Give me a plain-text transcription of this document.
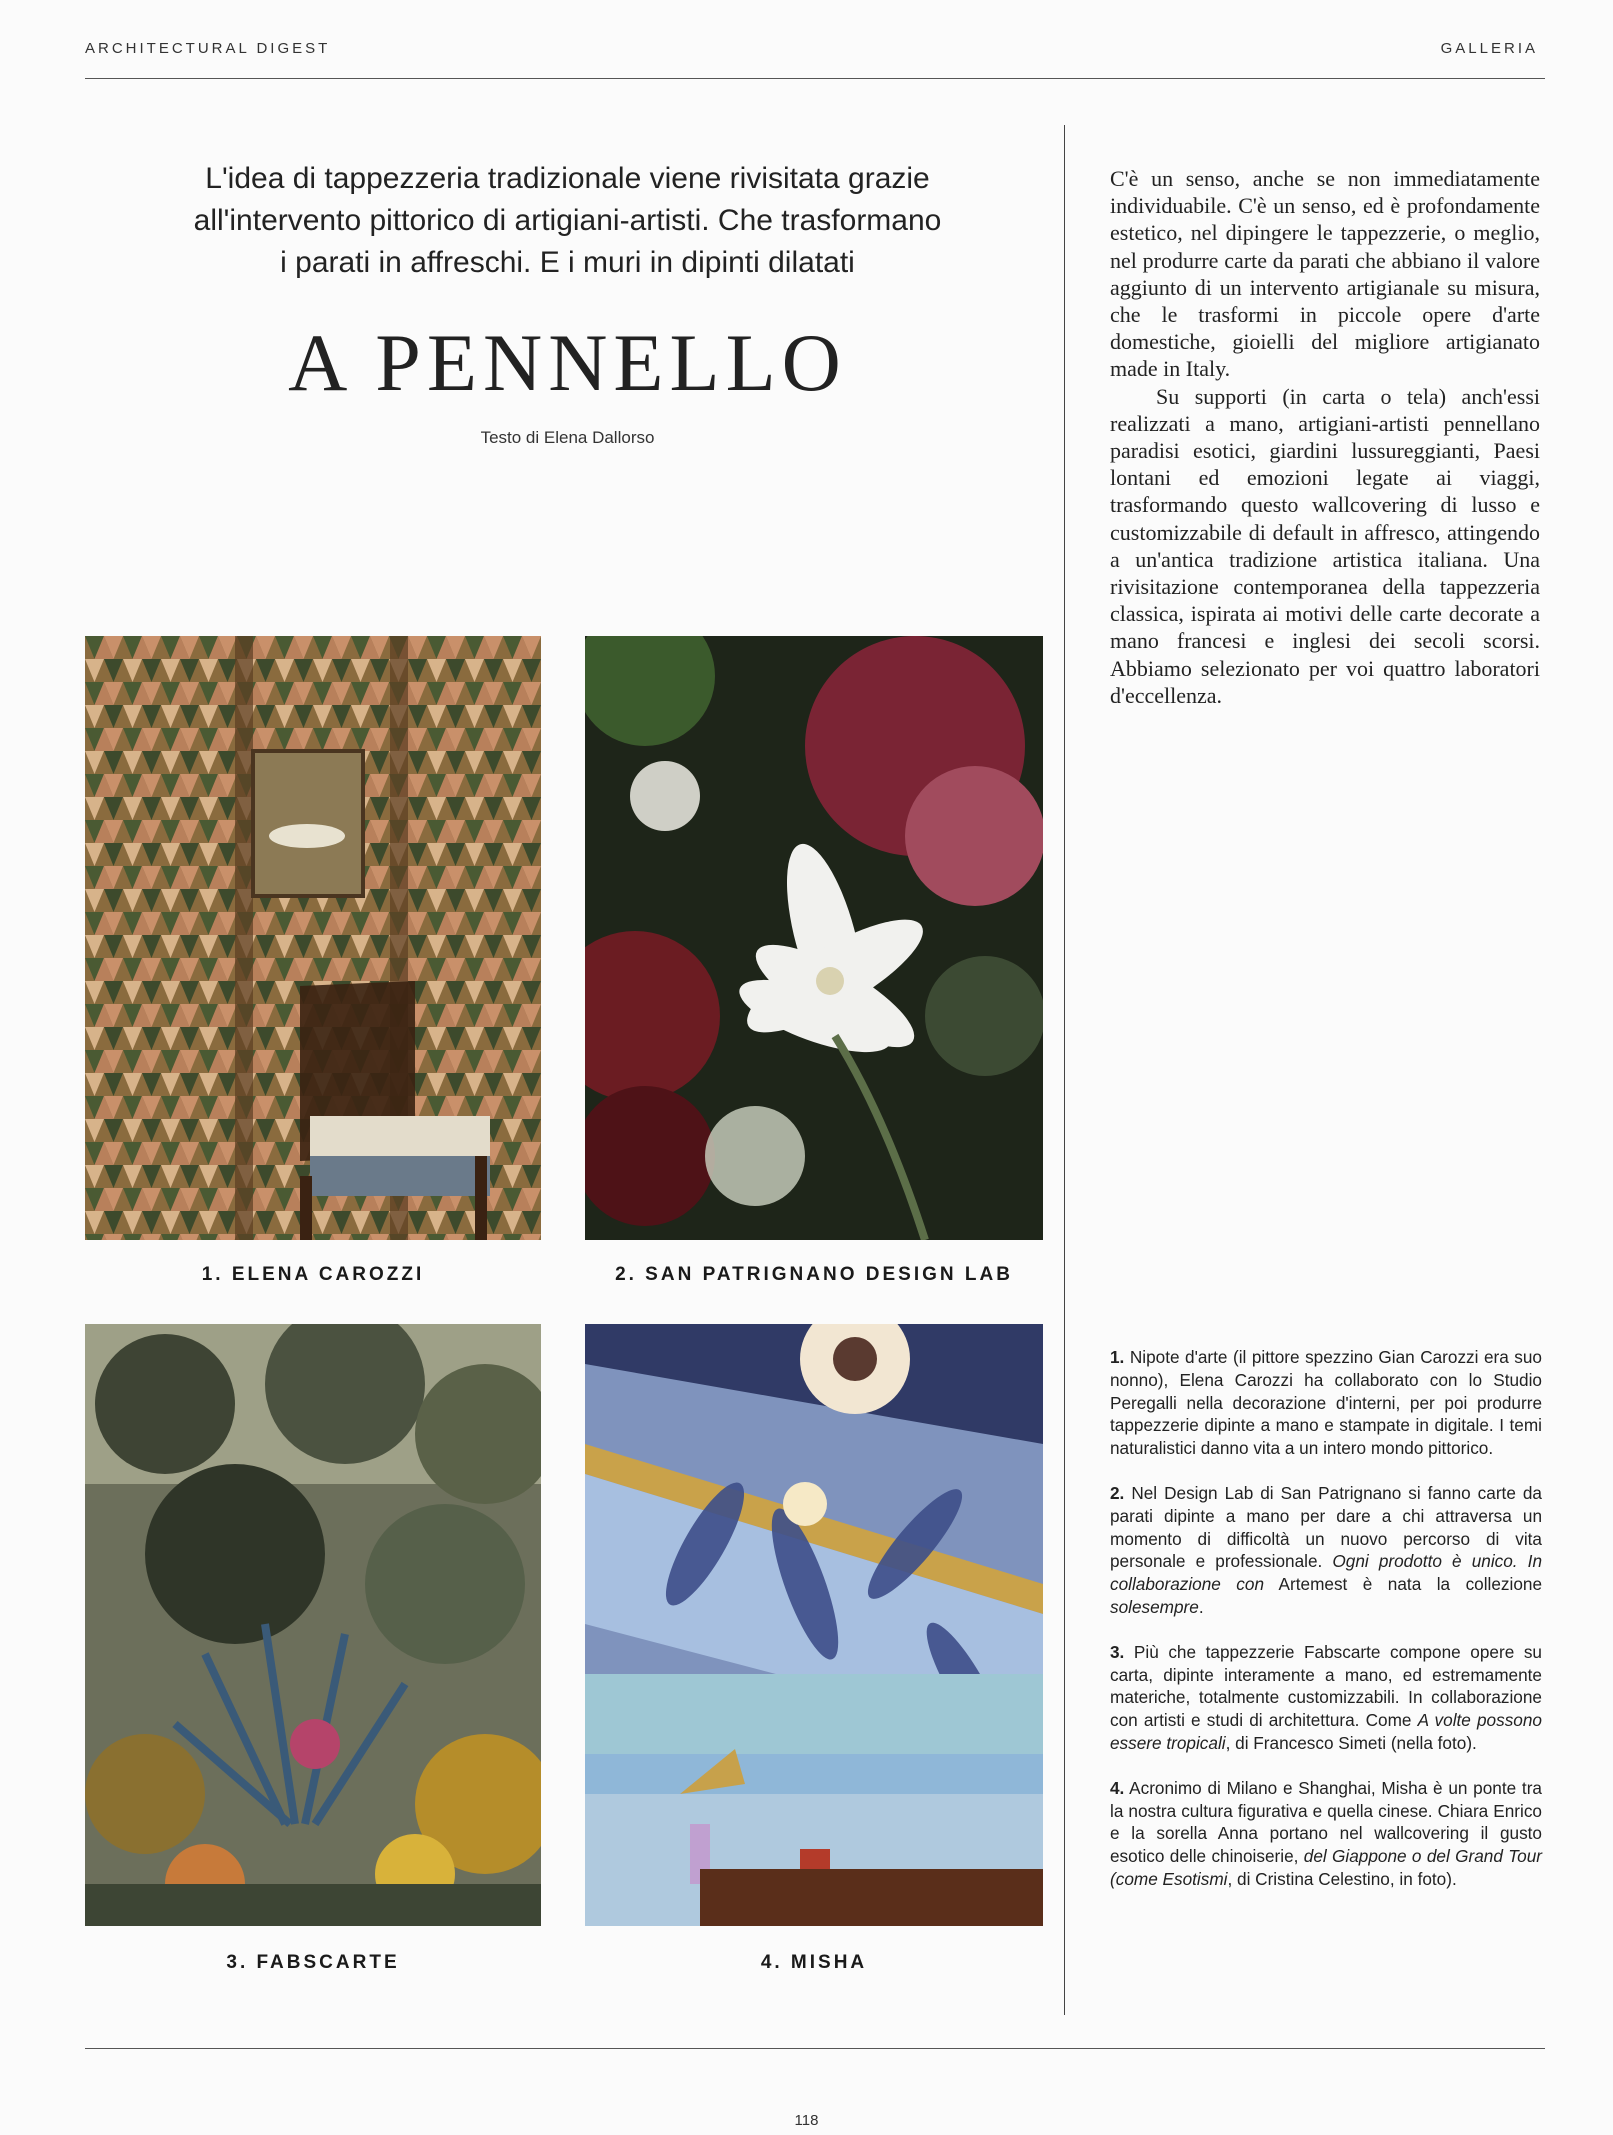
ARCHITECTURAL DIGEST	GALLERIA
L'idea di tappezzeria tradizionale viene rivisitata grazie
all'intervento pittorico di artigiani-artisti. Che trasformano
i parati in affreschi. E i muri in dipinti dilatati
A PENNELLO
Testo di Elena Dallorso

C'è un senso, anche se non immediatamente individuabile. C'è un senso, ed è profondamente estetico, nel dipingere le tappezzerie, o meglio, nel produrre carte da parati che abbiano il valore aggiunto di un intervento artigianale su misura, che le trasformi in piccole opere d'arte domestiche, gioielli del migliore artigianato made in Italy.

Su supporti (in carta o tela) anch'essi realizzati a mano, artigiani-artisti pennellano paradisi esotici, giardini lussureggianti, Paesi lontani ed emozioni legate ai viaggi, trasformando questo wallcovering di lusso e customizzabile di default in affresco, attingendo a un'antica tradizione artistica italiana. Una rivisitazione contemporanea della tappezzeria classica, ispirata ai motivi delle carte decorate a mano francesi e inglesi dei secoli scorsi. Abbiamo selezionato per voi quattro laboratori d'eccellenza.

1. ELENA CAROZZI	2. SAN PATRIGNANO DESIGN LAB
3. FABSCARTE	4. MISHA

1. Nipote d'arte (il pittore spezzino Gian Carozzi era suo nonno), Elena Carozzi ha collaborato con lo Studio Peregalli nella decorazione d'interni, per poi produrre tappezzerie dipinte a mano e stampate in digitale. I temi naturalistici danno vita a un intero mondo pittorico.

2. Nel Design Lab di San Patrignano si fanno carte da parati dipinte a mano per dare a chi attraversa un momento di difficoltà un nuovo percorso di vita personale e professionale. Ogni prodotto è unico. In collaborazione con Artemest è nata la collezione solesempre.

3. Più che tappezzerie Fabscarte compone opere su carta, dipinte interamente a mano, ed estremamente materiche, totalmente customizzabili. In collaborazione con artisti e studi di architettura. Come A volte possono essere tropicali, di Francesco Simeti (nella foto).

4. Acronimo di Milano e Shanghai, Misha è un ponte tra la nostra cultura figurativa e quella cinese. Chiara Enrico e la sorella Anna portano nel wallcovering il gusto esotico delle chinoiserie, del Giappone o del Grand Tour (come Esotismi, di Cristina Celestino, in foto).

118
